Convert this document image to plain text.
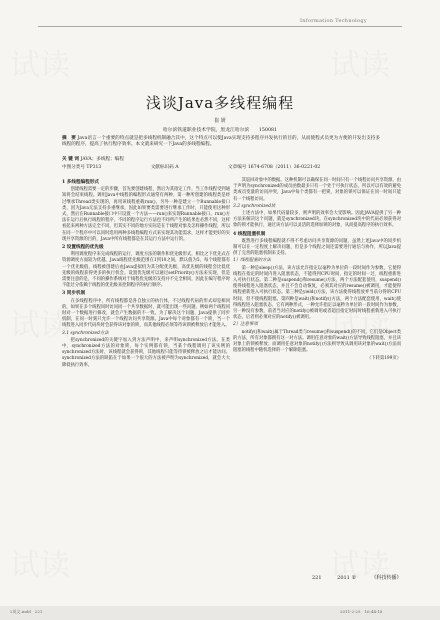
Information Technology
浅谈Java多线程编程
崔 妍
哈尔滨铁道职业技术学院，黑龙江哈尔滨　　150081
摘　要 Java语言一个重要的特点就是把多线程机制融合其中，这个特点可以使Java实现支持多程序并发执行的目的，从而使程式员更为方便的开发出支持多线程的程序，提高了执行程序效率。本文就来研究一下Java的多线程编程。
关 键 词 JAVA；多线程；编程
中图分类号 TP313	文献标识码 A	文章编号 1674-6708（2011）36-0221-02
1 多线程编程形式

创建线程需要一定的步骤，首先要创建线程，然后为其指定工作，当工作线程受到通知将会结束线程。调用Java中线程的编程形式通常有两种，第一种所创建的线程类是经过继承Thread类实现的，再用该线程重载run()，另外一种是建立一个Runnable接口类，因为Java无法支持多重继承，因此如果要类需要进行继承工作时，只能使用这种形式，然后在Runnable接口中只设置一个方法——run()来实现Runnable接口。run()方法在运行后执行线程的程序，不同的程序运行方法也不同所产生的结果也必然不同，这样看起来两种方法完全不同，但其实不同的地方实际是在于线程对象及怎样操作线程，所以在同一个程序中可以同时选用两种多线程编程方式来实现其功能需求，这样才能更好的实现共享资源的目的，Java中所有线程都是在其运行方法中运行的。

2 设置线程的优先级

利用调度程序来完成线程的运行，调度方法的制作和优先级形式，相比之下优先式在资源调度方面较为优越。Java线程优先级范围在1到10之间，默认值为5，每个线程都有一个优先级值，线程被创建后由Java虚拟机为其分配优先级，高优先级的线程会比低优先级的线程获得更多的执行机会。设置优先级可以通过setPriority()方法来实现，但是需要注意的是，不同的操作系统对于线程优先级的支持并不完全相同，因此在编写程序时不能过分依赖于线程的优先级来控制程序的执行顺序。

3 同步机制

在多线程程序中，所有线程都是各自独立的执行体，不过线程代码的形式却是相同的，如果在多个线程同时访问同一个共享数据时，就可能出现一些问题，例如两个线程同时对一个数据进行修改，就会产生数据的不一致。为了解决这个问题，Java提供了同步机制，在同一时刻只允许一个线程访问共享资源。Java中每个对象都有一个锁，当一个线程进入同步代码块时会获得该对象的锁，而其他线程必须等待该锁被释放后才能进入。

3.1 synchronized方法

把synchronized的关键字加入到方法声明中，来声明synchronized方法。在类中，synchronized方法的对象锁，每个实例都有锁，当某个线程调用了该实例的synchronized方法时，该线程就会获得锁，其他线程只能等待锁被释放之后才能访问。synchronized方法的缺陷在于如果一个很大的方法被声明为synchronized，就会大大降低执行效率。

其返回对象中的数据。这种机制可以确保在同一时间只有一个线程访问共享资源，由于声明为synchronized的成员函数最多只有一个处于可执行状态，所以可以有效的避免类成员变量的访问冲突，Java中每个类都有一把锁，对象的锁可以保证在同一时间只能有一个线程访问。

3.2 synchronized块

上述方法中，如果代码量较多，则声明的效率会大受影响。因此JAVA提供了另一种方法来解决这个问题，就是synchronized块。在synchronized块中的代码必须获得对象的锁才能执行，通过该方法可以灵活的选择加锁的对象，从而提高程序的执行效率。

4 线程阻塞机制

既然进行多线程编程就不得不考虑访问共享资源的问题，虽然上述Java中的同步机制可以在一定程度上解决问题，但是多个线程之间还需要进行通信与协作，所以Java提供了完善的阻塞机制来支持。

1）线程阻塞的方法

第一种是sleep()方法，该方法允许指定以毫秒为单位的一段时间作为参数，它使得线程在指定的时间内进入阻塞状态，不能得到CPU时间，指定的时间一过，线程重新进入可执行状态。第二种是suspend()和resume()方法，两个方法配套使用，suspend()使得线程进入阻塞状态，并且不会自动恢复，必须其对应的resume()被调用，才能使得线程重新进入可执行状态。第三种是yield()方法，该方法使得线程放弃当前分得的CPU时间，但不使线程阻塞。第四种是wait()和notify()方法，两个方法配套使用，wait()使得线程进入阻塞状态，它有两种形式，一种允许指定以毫秒为单位的一段时间作为参数，另一种没有参数，前者当对应的notify()被调用或者超出指定时间时线程重新进入可执行状态，后者则必须对应的notify()被调用。

2）注意事项

notify()和wait()属于Thread类与resume()和suspend()的不同，它们是Object类的方法，所有对象都拥有这一对方法。调用任意对象的wait()方法导致线程阻塞，并且该对象上的锁被释放；而调用任意对象的notify()方法则导致从调用该对象的wait()方法而阻塞的线程中随机选择的一个解除阻塞。

（下转第199页）
221	2011 ②	《科技传播》
2英文.indd　221	2011-2-25　16:44:18
